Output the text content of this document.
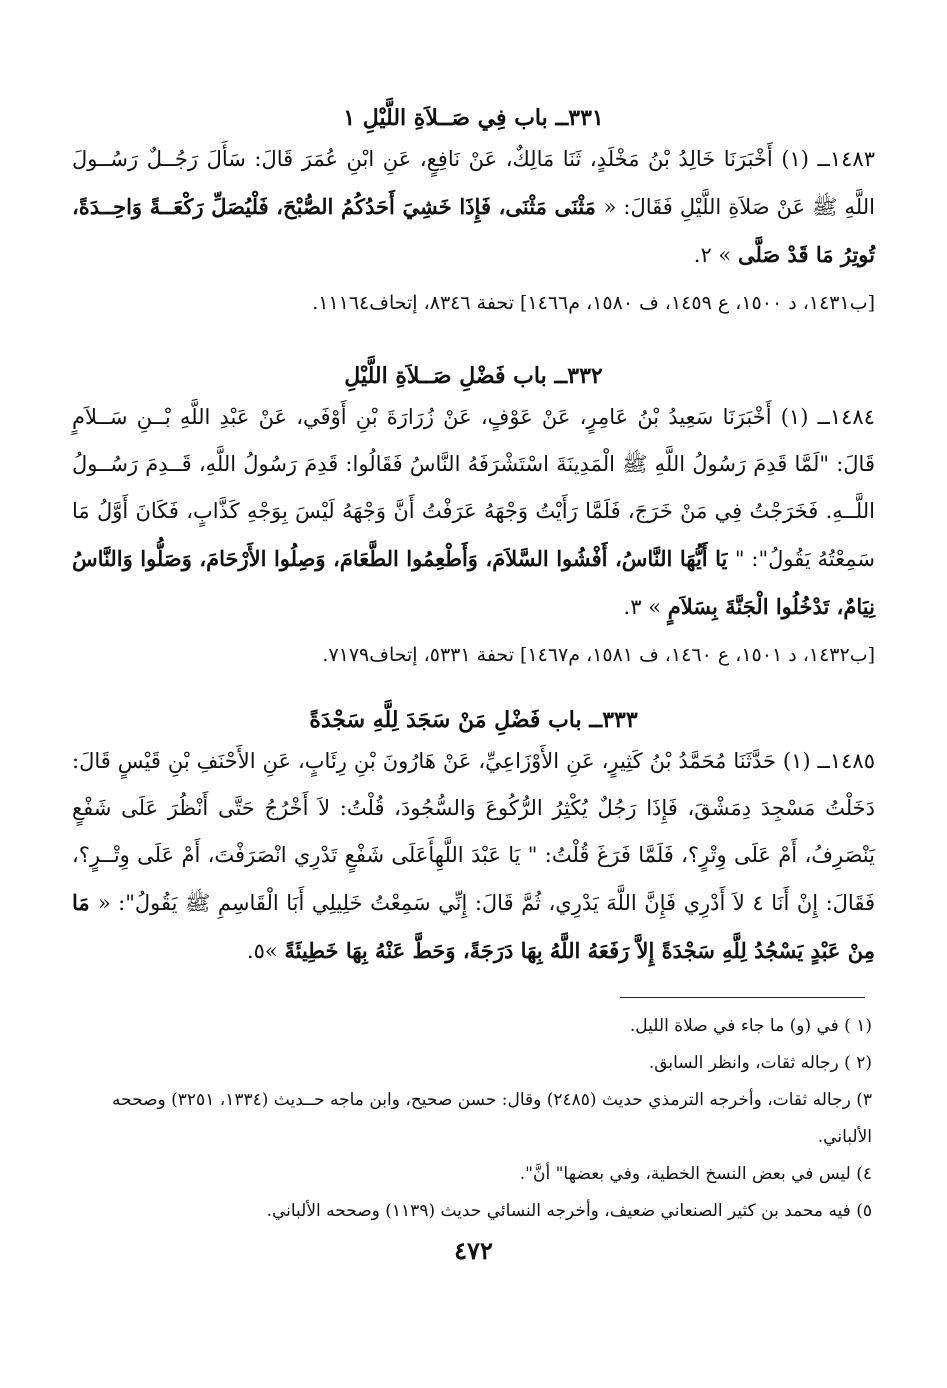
٣٣١ــ باب فِي صَــلاَةِ اللَّيْلِ ١

١٤٨٣ــ (١) أَخْبَرَنَا خَالِدُ بْنُ مَخْلَدٍ، ثَنَا مَالِكٌ، عَنْ نَافِعٍ، عَنِ ابْنِ عُمَرَ قَالَ: سَأَلَ رَجُــلٌ رَسُــولَ اللَّهِ ﷺ عَنْ صَلاَةِ اللَّيْلِ فَقَالَ: « مَثْنَى مَثْنَى، فَإِذَا خَشِيَ أَحَدُكُمُ الصُّبْحَ، فَلْيُصَلِّ رَكْعَــةً وَاحِــدَةً، تُوتِرُ مَا قَدْ صَلَّى » ٢.

[ب١٤٣١، د ١٥٠٠، ع ١٤٥٩، ف ١٥٨٠، م١٤٦٦] تحفة ٨٣٤٦، إتحاف١١١٦٤.

٣٣٢ــ باب فَضْلِ صَــلاَةِ اللَّيْلِ

١٤٨٤ــ (١) أَخْبَرَنَا سَعِيدُ بْنُ عَامِرٍ، عَنْ عَوْفٍ، عَنْ زُرَارَةَ بْنِ أَوْفَي، عَنْ عَبْدِ اللَّهِ بْــنِ سَــلاَمٍ قَالَ: "لَمَّا قَدِمَ رَسُولُ اللَّهِ ﷺ الْمَدِينَةَ اسْتَشْرَفَهُ النَّاسُ فَقَالُوا: قَدِمَ رَسُولُ اللَّهِ، قَــدِمَ رَسُــولُ اللَّــهِ. فَخَرَجْتُ فِي مَنْ خَرَجَ، فَلَمَّا رَأَيْتُ وَجْهَهُ عَرَفْتُ أَنَّ وَجْهَهُ لَيْسَ بِوَجْهِ كَذَّابٍ، فَكَانَ أَوَّلُ مَا سَمِعْتُهُ يَقُولُ": " يَا أَيُّهَا النَّاسُ، أَفْشُوا السَّلاَمَ، وَأَطْعِمُوا الطَّعَامَ، وَصِلُوا الأَرْحَامَ، وَصَلُّوا وَالنَّاسُ نِيَامٌ، تَدْخُلُوا الْجَنَّةَ بِسَلاَمٍ » ٣.

[ب١٤٣٢، د ١٥٠١، ع ١٤٦٠، ف ١٥٨١، م١٤٦٧] تحفة ٥٣٣١، إتحاف٧١٧٩.

٣٣٣ــ باب فَضْلِ مَنْ سَجَدَ لِلَّهِ سَجْدَةً

١٤٨٥ــ (١) حَدَّثَنَا مُحَمَّدُ بْنُ كَثِيرٍ، عَنِ الأَوْزَاعِيِّ، عَنْ هَارُونَ بْنِ رِئَابٍ، عَنِ الأَحْنَفِ بْنِ قَيْسٍ قَالَ: دَخَلْتُ مَسْجِدَ دِمَشْقَ، فَإِذَا رَجُلٌ يُكْثِرُ الرُّكُوعَ وَالسُّجُودَ، قُلْتُ: لاَ أَخْرُجُ حَتَّى أَنْظُرَ عَلَى شَفْعٍ يَنْصَرِفُ، أَمْ عَلَى وِتْرٍ؟، فَلَمَّا فَرَغَ قُلْتُ: " يَا عَبْدَ اللَّهِأَعَلَى شَفْعٍ تَدْرِي انْصَرَفْتَ، أَمْ عَلَى وِتْــرٍ؟، فَقَالَ: إِنْ أَنَا ٤ لاَ أَدْرِي فَإِنَّ اللَّهَ يَدْرِي، ثُمَّ قَالَ: إِنِّي سَمِعْتُ خَلِيلِي أَبَا الْقَاسِمِ ﷺ يَقُولُ": « مَا مِنْ عَبْدٍ يَسْجُدُ لِلَّهِ سَجْدَةً إِلاَّ رَفَعَهُ اللَّهُ بِهَا دَرَجَةً، وَحَطَّ عَنْهُ بِهَا خَطِيئَةً »٥.

(١ ) في (و) ما جاء في صلاة الليل.

(٢ ) رجاله ثقات، وانظر السابق.

٣) رجاله ثقات، وأخرجه الترمذي حديث (٢٤٨٥) وقال: حسن صحيح، وابن ماجه حــديث (١٣٣٤، ٣٢٥١) وصححه الألباني.

٤) ليس في بعض النسخ الخطية، وفي بعضها" أنَّ".

٥) فيه محمد بن كثير الصنعاني ضعيف، وأخرجه النسائي حديث (١١٣٩) وصححه الألباني.

٤٧٢
